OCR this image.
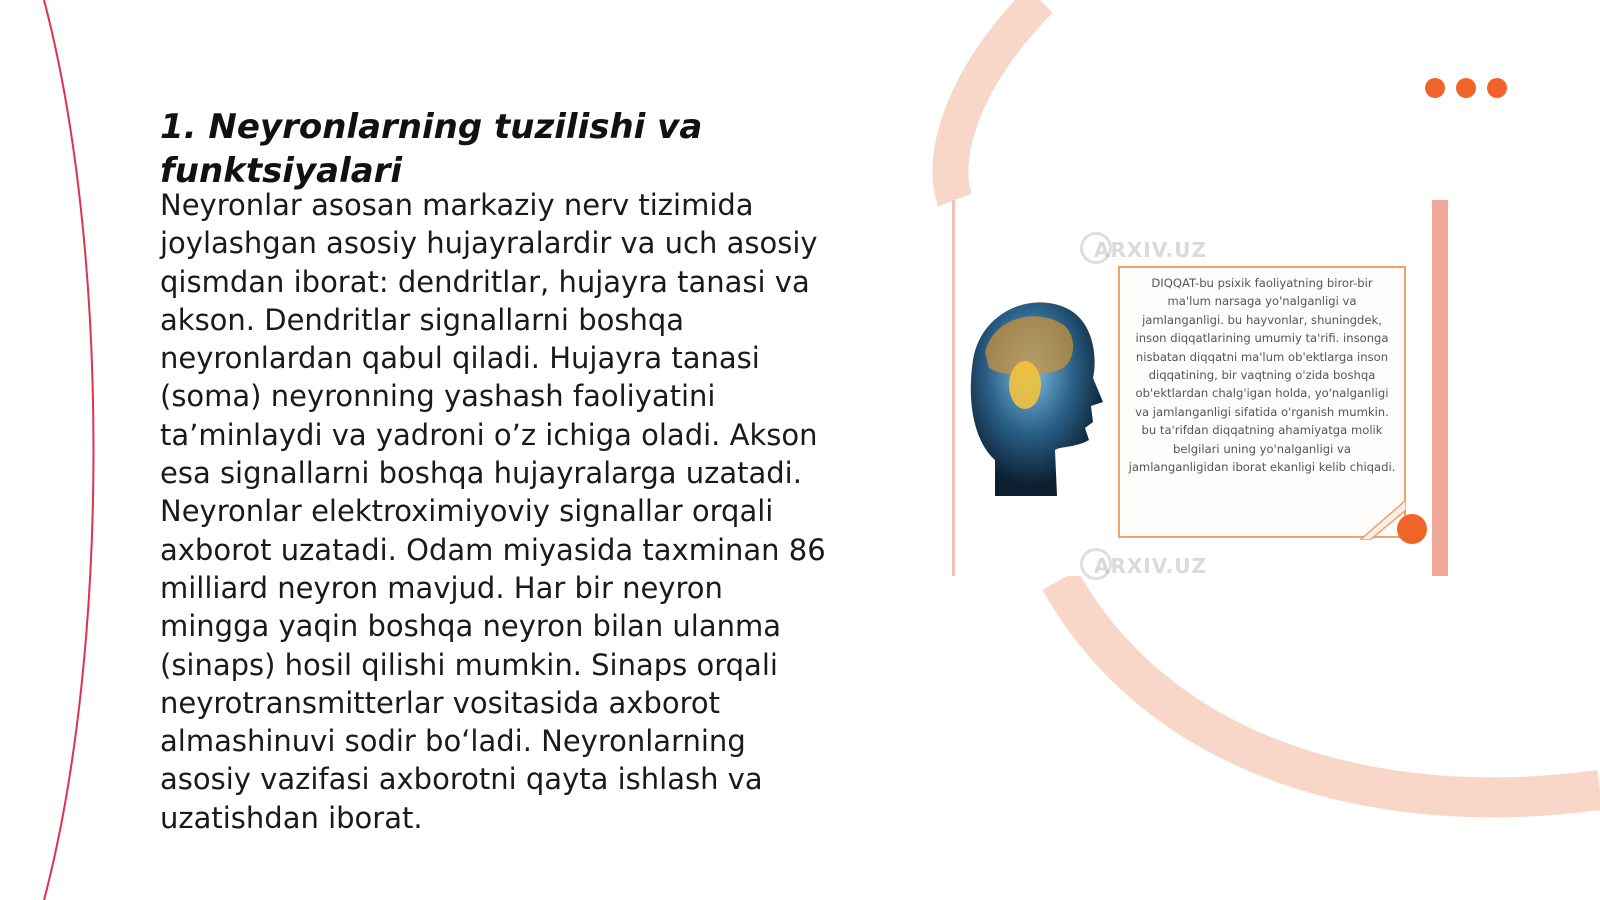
1. Neyronlarning tuzilishi va funktsiyalari

Neyronlar asosan markaziy nerv tizimida joylashgan asosiy hujayralardir va uch asosiy qismdan iborat: dendritlar, hujayra tanasi va akson. Dendritlar signallarni boshqa neyronlardan qabul qiladi. Hujayra tanasi (soma) neyronning yashash faoliyatini ta’minlaydi va yadroni o’z ichiga oladi. Akson esa signallarni boshqa hujayralarga uzatadi. Neyronlar elektroximiyoviy signallar orqali axborot uzatadi. Odam miyasida taxminan 86 milliard neyron mavjud. Har bir neyron mingga yaqin boshqa neyron bilan ulanma (sinaps) hosil qilishi mumkin. Sinaps orqali neyrotransmitterlar vositasida axborot almashinuvi sodir bo‘ladi. Neyronlarning asosiy vazifasi axborotni qayta ishlash va uzatishdan iborat.

DIQQAT-bu psixik faoliyatning biror-bir ma'lum narsaga yo'nalganligi va jamlanganligi. bu hayvonlar, shuningdek, inson diqqatlarining umumiy ta'rifi. insonga nisbatan diqqatni ma'lum ob'ektlarga inson diqqatining, bir vaqtning o'zida boshqa ob'ektlardan chalg'igan holda, yo'nalganligi va jamlanganligi sifatida o'rganish mumkin. bu ta'rifdan diqqatning ahamiyatga molik belgilari uning yo'nalganligi va jamlanganligidan iborat ekanligi kelib chiqadi.
ARXIV.UZ
ARXIV.UZ
